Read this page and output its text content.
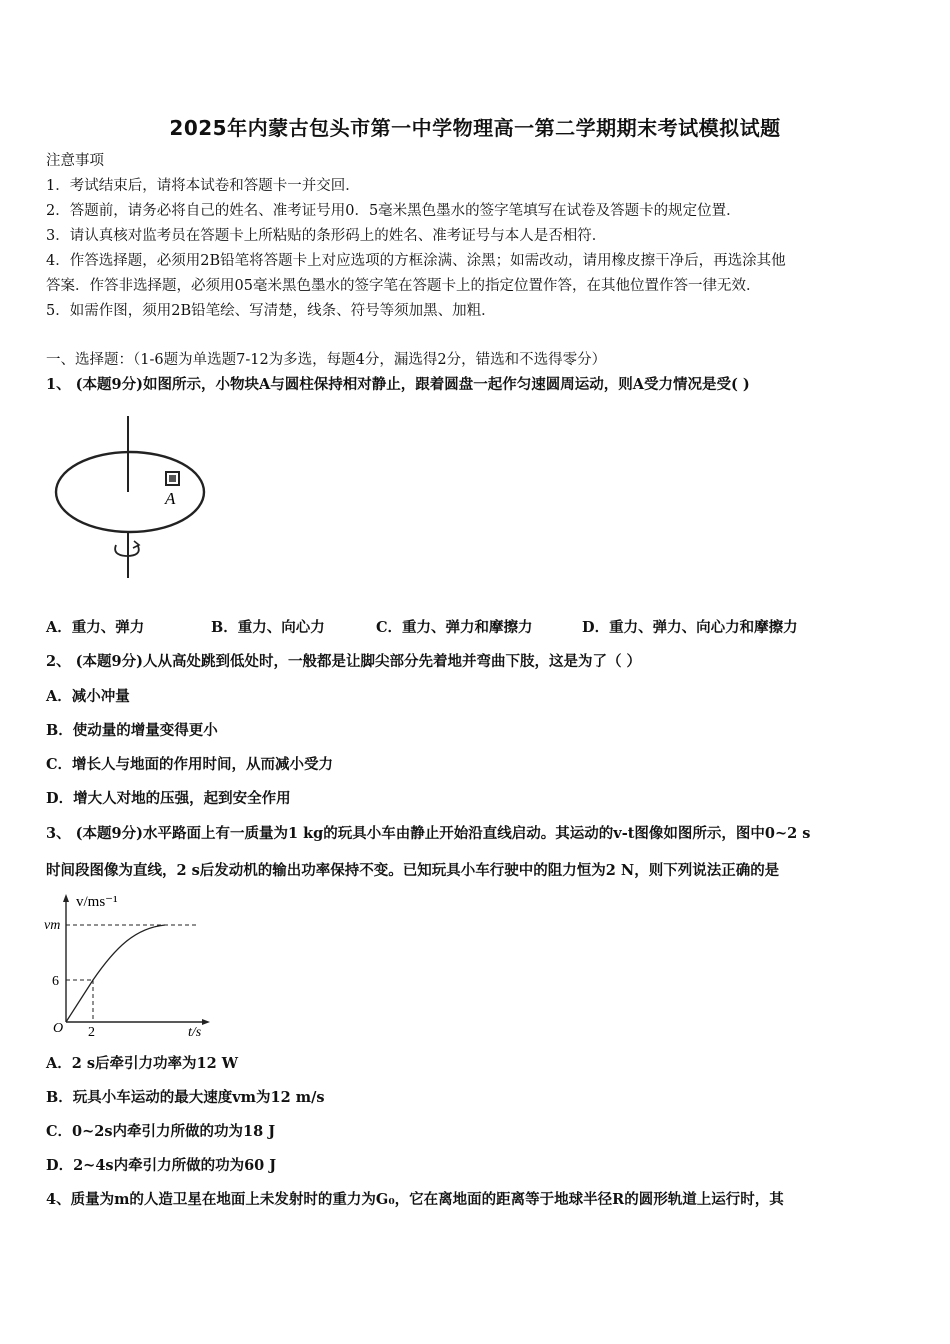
2025年内蒙古包头市第一中学物理高一第二学期期末考试模拟试题
注意事项
1．考试结束后，请将本试卷和答题卡一并交回．
2．答题前，请务必将自己的姓名、准考证号用0．5毫米黑色墨水的签字笔填写在试卷及答题卡的规定位置．
3．请认真核对监考员在答题卡上所粘贴的条形码上的姓名、准考证号与本人是否相符．
4．作答选择题，必须用2B铅笔将答题卡上对应选项的方框涂满、涂黑；如需改动，请用橡皮擦干净后，再选涂其他
答案．作答非选择题，必须用05毫米黑色墨水的签字笔在答题卡上的指定位置作答，在其他位置作答一律无效．
5．如需作图，须用2B铅笔绘、写清楚，线条、符号等须加黑、加粗．
一、选择题：（1-6题为单选题7-12为多选，每题4分，漏选得2分，错选和不选得零分）
1、 (本题9分)如图所示，小物块A与圆柱保持相对静止，跟着圆盘一起作匀速圆周运动，则A受力情况是受( )
A
A．重力、弹力	B．重力、向心力	C．重力、弹力和摩擦力	D．重力、弹力、向心力和摩擦力
2、 (本题9分)人从高处跳到低处时，一般都是让脚尖部分先着地并弯曲下肢，这是为了（ ）
A．减小冲量
B．使动量的增量变得更小
C．增长人与地面的作用时间，从而减小受力
D．增大人对地的压强，起到安全作用
3、 (本题9分)水平路面上有一质量为1 kg的玩具小车由静止开始沿直线启动。其运动的v-t图像如图所示，图中0~2 s
时间段图像为直线，2 s后发动机的输出功率保持不变。已知玩具小车行驶中的阻力恒为2 N，则下列说法正确的是
v/ms⁻¹
vm
6
2
O	t/s
A．2 s后牵引力功率为12 W
B．玩具小车运动的最大速度vm为12 m/s
C．0~2s内牵引力所做的功为18 J
D．2~4s内牵引力所做的功为60 J
4、质量为m的人造卫星在地面上未发射时的重力为G₀，它在离地面的距离等于地球半径R的圆形轨道上运行时，其
